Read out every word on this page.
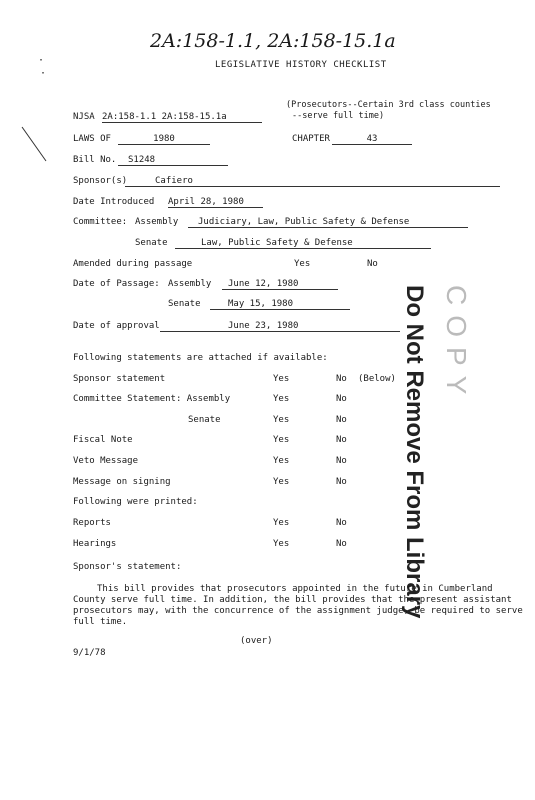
2A:158-1.1, 2A:158-15.1a
·
·
LEGISLATIVE HISTORY CHECKLIST
NJSA 2A:158-1.1 2A:158-15.1a
(Prosecutors--Certain 3rd class counties
--serve full time)
LAWS OF	1980	CHAPTER	43
Bill No.	S1248
Sponsor(s)	Cafiero
Date Introduced April 28, 1980
Committee: Assembly	Judiciary, Law, Public Safety & Defense
Senate	Law, Public Safety & Defense
Amended during passage	Yes	No
Date of Passage: Assembly	June 12, 1980
Senate	May 15, 1980
Date of approval	June 23, 1980
Following statements are attached if available:
Sponsor statement	Yes	No (Below)
Committee Statement: Assembly	Yes	No
Senate	Yes	No
Fiscal Note	Yes	No
Veto Message	Yes	No
Message on signing	Yes	No
Following were printed:
Reports	Yes	No
Hearings	Yes	No Do Not Remove From Library COPY
Sponsor's statement:
This bill provides that prosecutors appointed in the future in Cumberland
County serve full time. In addition, the bill provides that the present assistant
prosecutors may, with the concurrence of the assignment judge, be required to serve
full time.
(over)
9/1/78
